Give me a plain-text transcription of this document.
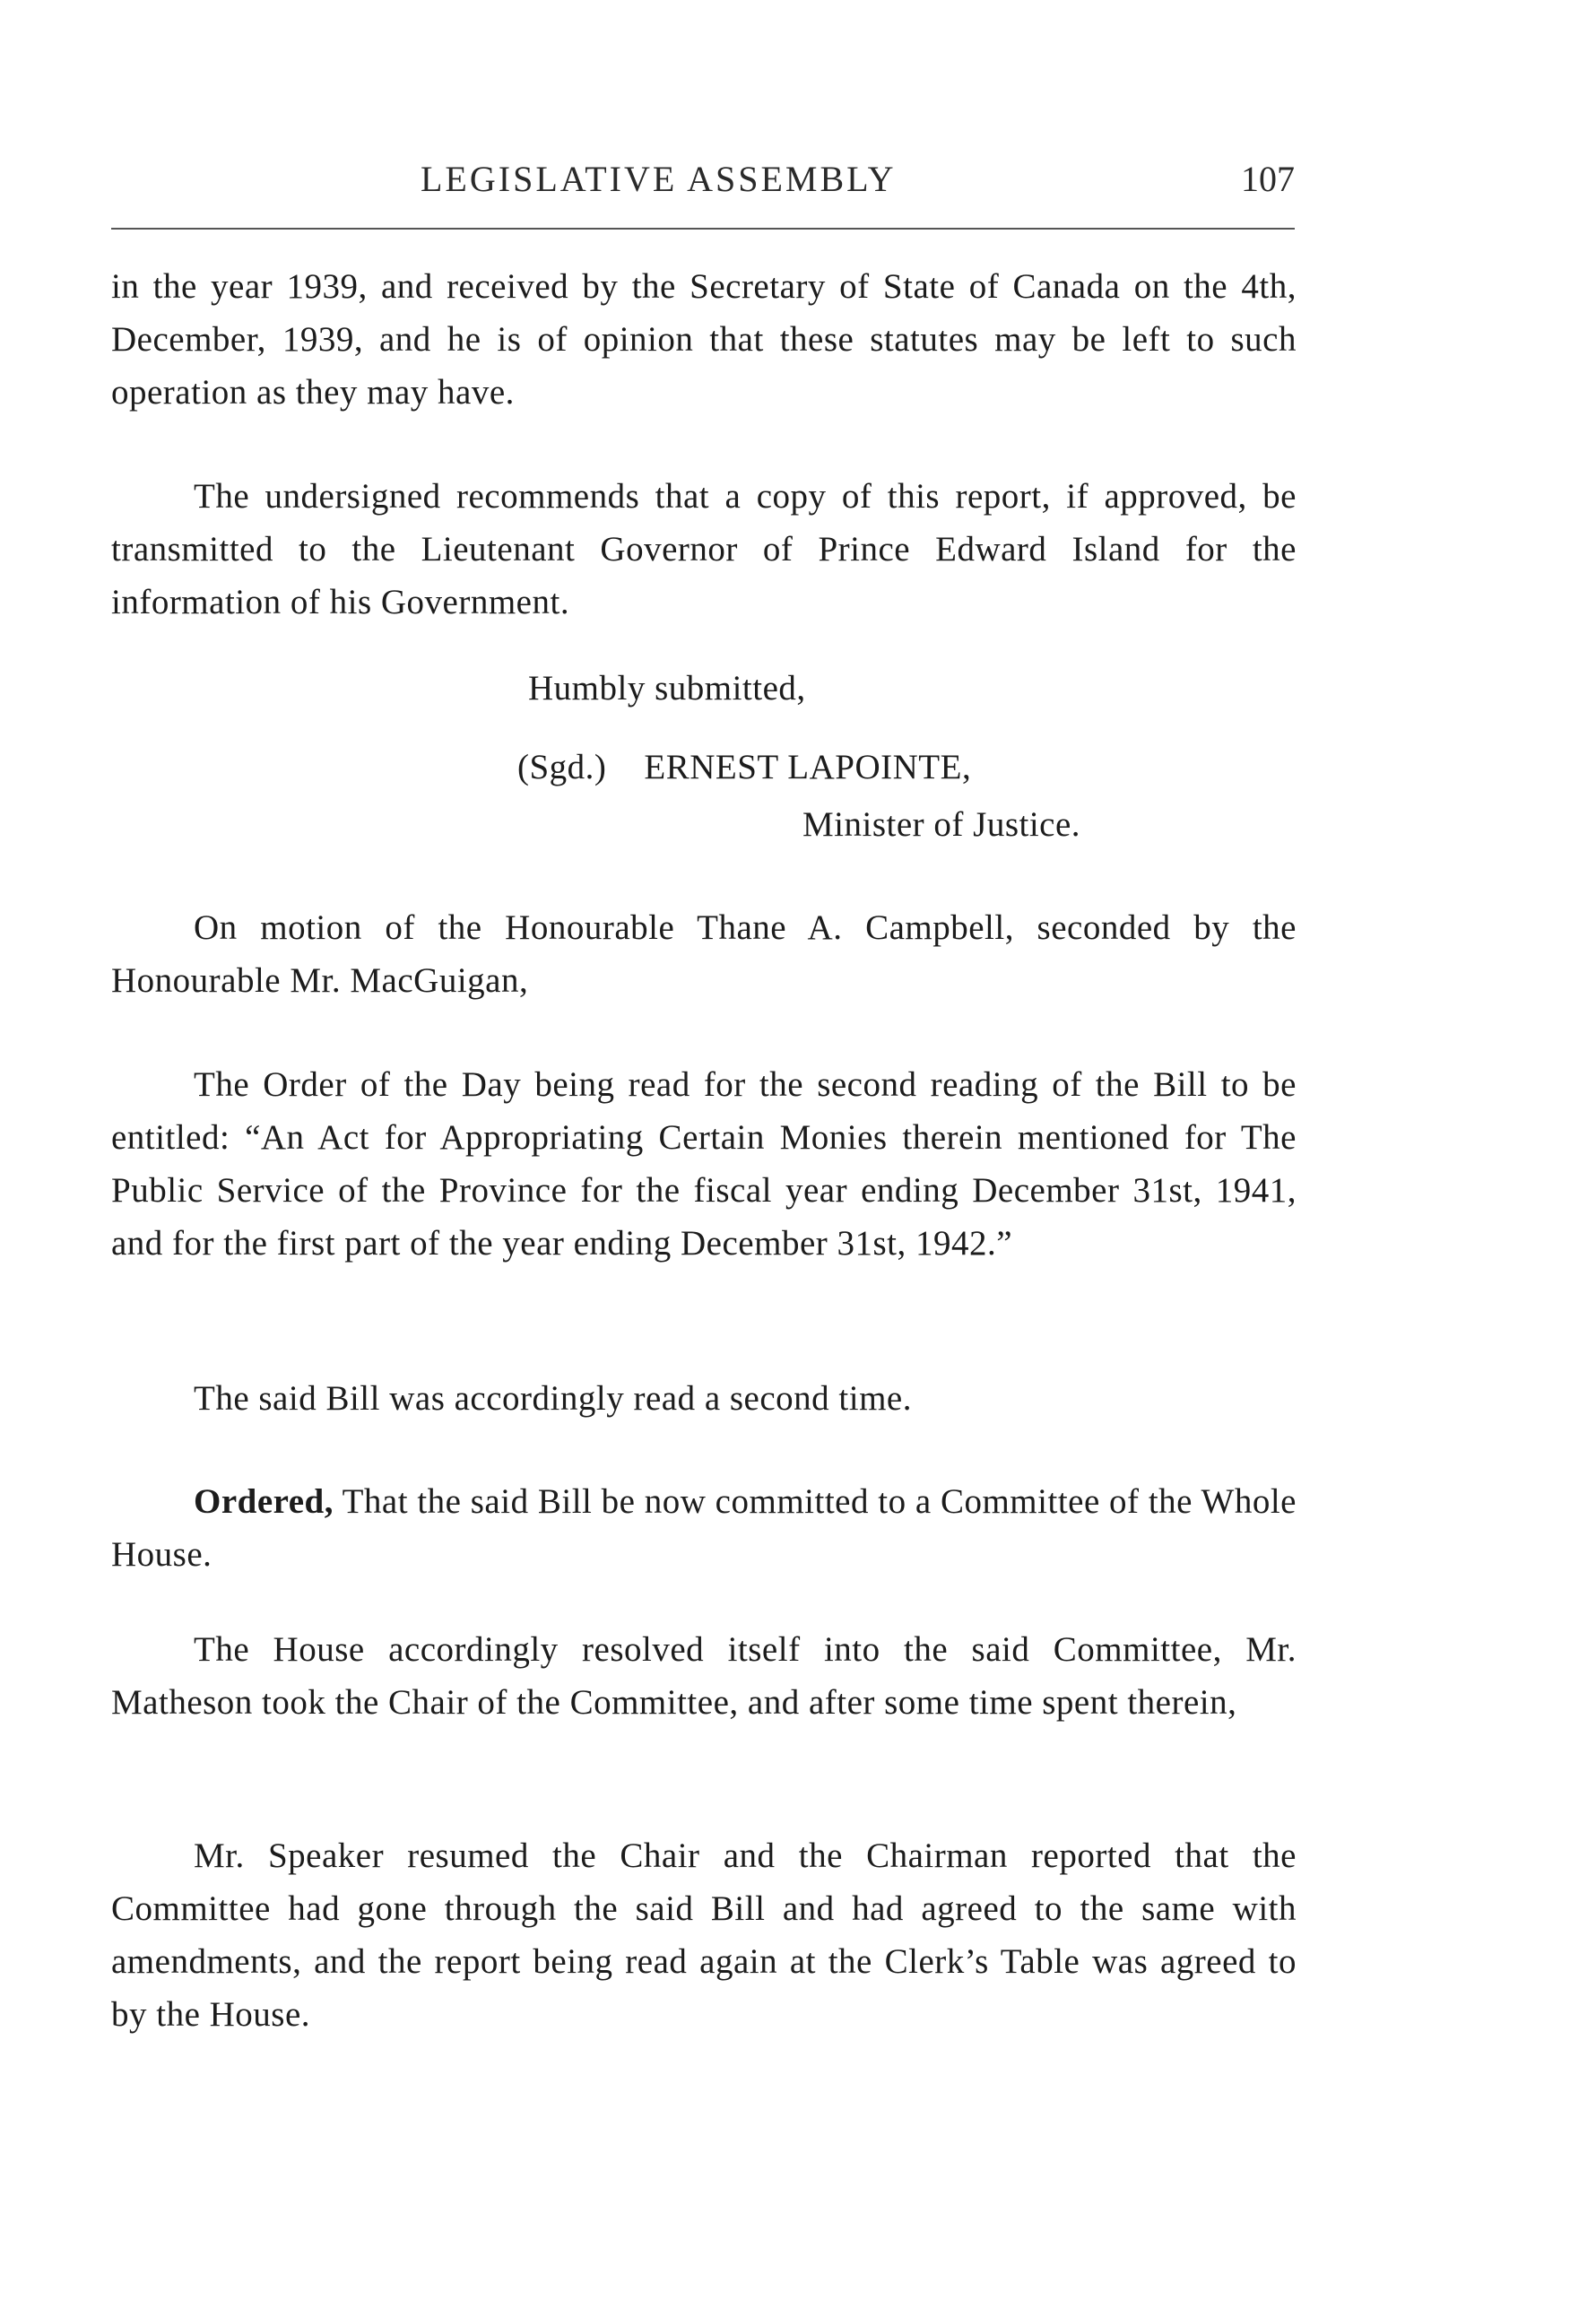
LEGISLATIVE ASSEMBLY	107

in the year 1939, and received by the Secretary of State of Canada on the 4th, December, 1939, and he is of opinion that these statutes may be left to such operation as they may have.

The undersigned recommends that a copy of this report, if approved, be transmitted to the Lieutenant Governor of Prince Edward Island for the information of his Government.

Humbly submitted,
(Sgd.) ERNEST LAPOINTE,
Minister of Justice.

On motion of the Honourable Thane A. Campbell, seconded by the Honourable Mr. MacGuigan,

The Order of the Day being read for the second reading of the Bill to be entitled: “An Act for Appropriating Certain Monies therein mentioned for The Public Service of the Province for the fiscal year ending December 31st, 1941, and for the first part of the year ending December 31st, 1942.”

The said Bill was accordingly read a second time.

Ordered, That the said Bill be now committed to a Committee of the Whole House.

The House accordingly resolved itself into the said Committee, Mr. Matheson took the Chair of the Committee, and after some time spent therein,

Mr. Speaker resumed the Chair and the Chairman reported that the Committee had gone through the said Bill and had agreed to the same with amendments, and the report being read again at the Clerk’s Table was agreed to by the House.
